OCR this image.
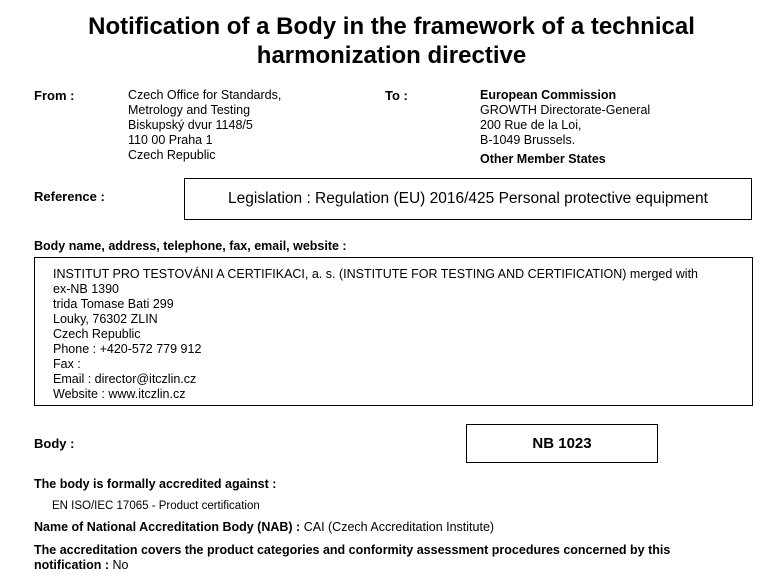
Notification of a Body in the framework of a technical
harmonization directive
From :	Czech Office for Standards,
Metrology and Testing
Biskupský dvur 1148/5
110 00 Praha 1
Czech Republic
To :	European Commission
GROWTH Directorate-General
200 Rue de la Loi,
B-1049 Brussels.
Other Member States
Reference :	Legislation : Regulation (EU) 2016/425 Personal protective equipment
Body name, address, telephone, fax, email, website :
INSTITUT PRO TESTOVÁNI A CERTIFIKACI, a. s. (INSTITUTE FOR TESTING AND CERTIFICATION) merged with
ex-NB 1390
trida Tomase Bati 299
Louky, 76302 ZLIN
Czech Republic
Phone : +420-572 779 912
Fax :
Email : director@itczlin.cz
Website : www.itczlin.cz
Body :	NB 1023
The body is formally accredited against :
EN ISO/IEC 17065 - Product certification
Name of National Accreditation Body (NAB) : CAI (Czech Accreditation Institute)
The accreditation covers the product categories and conformity assessment procedures concerned by this
notification : No
